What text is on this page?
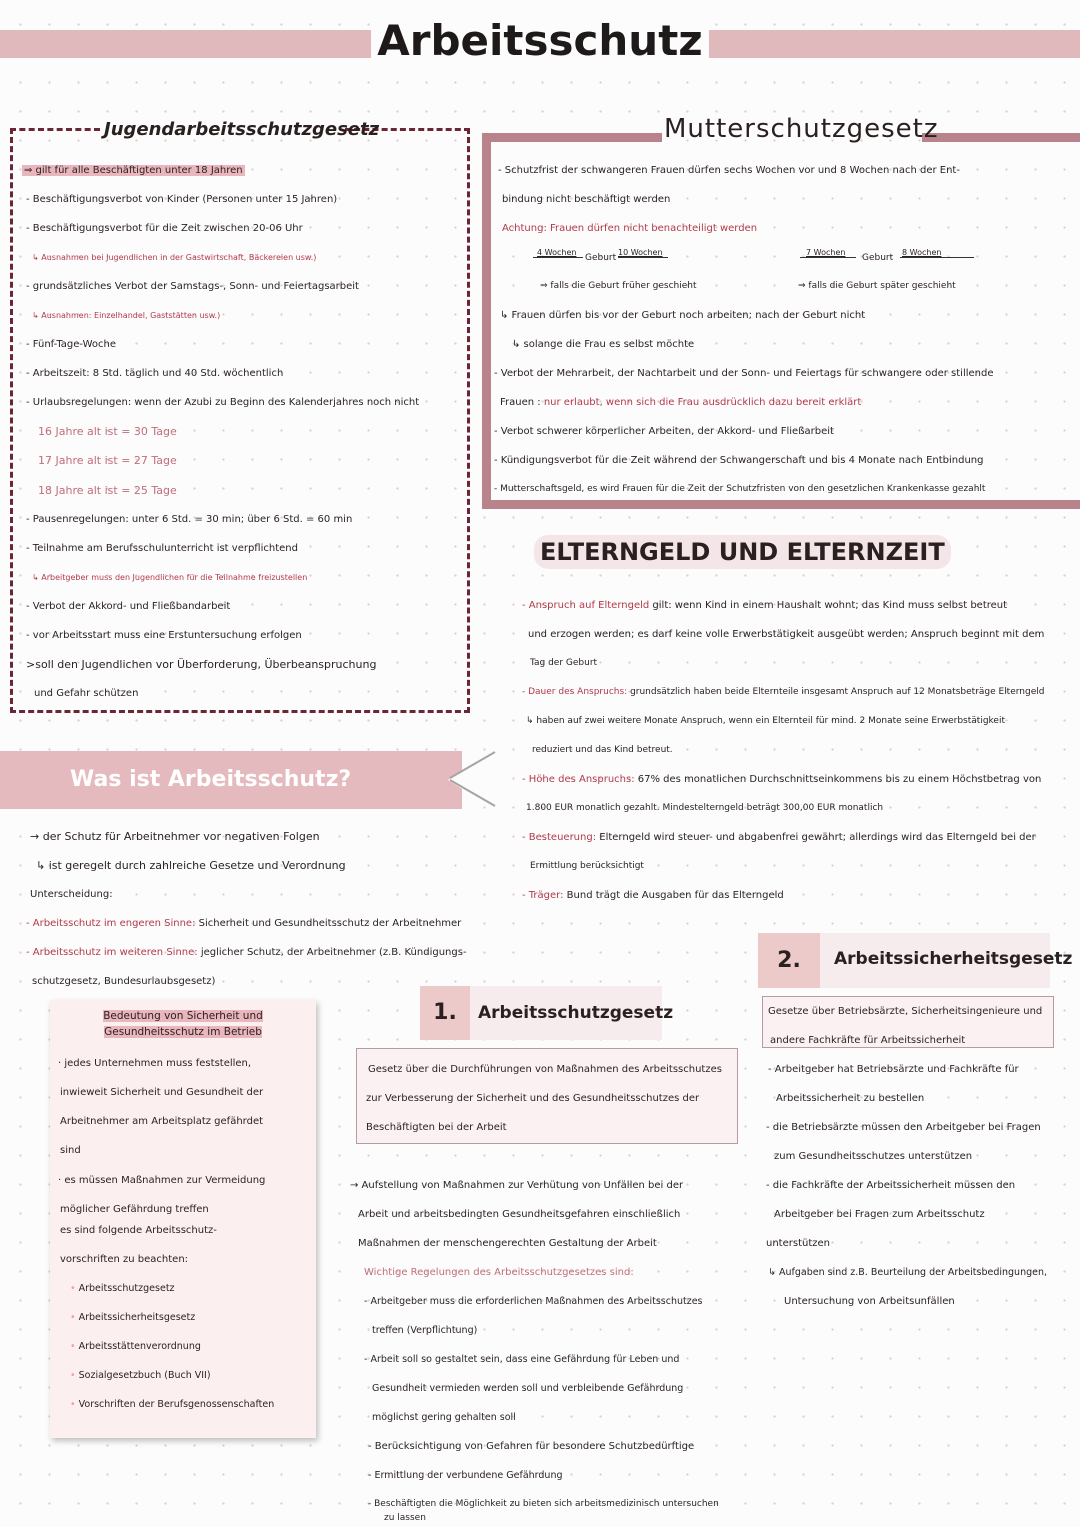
Arbeitsschutz
Jugendarbeitsschutzgesetz
⇒ gilt für alle Beschäftigten unter 18 Jahren
- Beschäftigungsverbot von Kinder (Personen unter 15 Jahren)
- Beschäftigungsverbot für die Zeit zwischen 20-06 Uhr
↳ Ausnahmen bei Jugendlichen in der Gastwirtschaft, Bäckereien usw.)
- grundsätzliches Verbot der Samstags-, Sonn- und Feiertagsarbeit
↳ Ausnahmen: Einzelhandel, Gaststätten usw.)
- Fünf-Tage-Woche
- Arbeitszeit: 8 Std. täglich und 40 Std. wöchentlich
- Urlaubsregelungen: wenn der Azubi zu Beginn des Kalenderjahres noch nicht
16 Jahre alt ist = 30 Tage
17 Jahre alt ist = 27 Tage
18 Jahre alt ist = 25 Tage
- Pausenregelungen: unter 6 Std. = 30 min; über 6 Std. = 60 min
- Teilnahme am Berufsschulunterricht ist verpflichtend
↳ Arbeitgeber muss den Jugendlichen für die Teilnahme freizustellen
- Verbot der Akkord- und Fließbandarbeit
- vor Arbeitsstart muss eine Erstuntersuchung erfolgen
>soll den Jugendlichen vor Überforderung, Überbeanspruchung
und Gefahr schützen
Mutterschutzgesetz
- Schutzfrist der schwangeren Frauen dürfen sechs Wochen vor und 8 Wochen nach der Ent-
bindung nicht beschäftigt werden
Achtung: Frauen dürfen nicht benachteiligt werden
4 Wochen
Geburt
10 Wochen
⇒ falls die Geburt früher geschieht
7 Wochen
Geburt
8 Wochen
⇒ falls die Geburt später geschieht
↳ Frauen dürfen bis vor der Geburt noch arbeiten; nach der Geburt nicht
↳ solange die Frau es selbst möchte
- Verbot der Mehrarbeit, der Nachtarbeit und der Sonn- und Feiertags für schwangere oder stillende
Frauen : nur erlaubt, wenn sich die Frau ausdrücklich dazu bereit erklärt
- Verbot schwerer körperlicher Arbeiten, der Akkord- und Fließarbeit
- Kündigungsverbot für die Zeit während der Schwangerschaft und bis 4 Monate nach Entbindung
- Mutterschaftsgeld, es wird Frauen für die Zeit der Schutzfristen von den gesetzlichen Krankenkasse gezahlt
ELTERNGELD UND ELTERNZEIT
- Anspruch auf Elterngeld gilt: wenn Kind in einem Haushalt wohnt; das Kind muss selbst betreut
und erzogen werden; es darf keine volle Erwerbstätigkeit ausgeübt werden; Anspruch beginnt mit dem
Tag der Geburt
- Dauer des Anspruchs: grundsätzlich haben beide Elternteile insgesamt Anspruch auf 12 Monatsbeträge Elterngeld
↳ haben auf zwei weitere Monate Anspruch, wenn ein Elternteil für mind. 2 Monate seine Erwerbstätigkeit
reduziert und das Kind betreut.
- Höhe des Anspruchs: 67% des monatlichen Durchschnittseinkommens bis zu einem Höchstbetrag von
1.800 EUR monatlich gezahlt. Mindestelterngeld beträgt 300,00 EUR monatlich
- Besteuerung: Elterngeld wird steuer- und abgabenfrei gewährt; allerdings wird das Elterngeld bei der
Ermittlung berücksichtigt
- Träger: Bund trägt die Ausgaben für das Elterngeld
Was ist Arbeitsschutz?
→ der Schutz für Arbeitnehmer vor negativen Folgen
↳ ist geregelt durch zahlreiche Gesetze und Verordnung
Unterscheidung:
- Arbeitsschutz im engeren Sinne: Sicherheit und Gesundheitsschutz der Arbeitnehmer
- Arbeitsschutz im weiteren Sinne: jeglicher Schutz, der Arbeitnehmer (z.B. Kündigungs-
schutzgesetz, Bundesurlaubsgesetz)
Bedeutung von Sicherheit und
Gesundheitsschutz im Betrieb
· jedes Unternehmen muss feststellen,
inwieweit Sicherheit und Gesundheit der
Arbeitnehmer am Arbeitsplatz gefährdet
sind
· es müssen Maßnahmen zur Vermeidung
möglicher Gefährdung treffen
es sind folgende Arbeitsschutz-
vorschriften zu beachten:
• Arbeitsschutzgesetz
• Arbeitssicherheitsgesetz
• Arbeitsstättenverordnung
• Sozialgesetzbuch (Buch VII)
• Vorschriften der Berufsgenossenschaften
1.	Arbeitsschutzgesetz
Gesetz über die Durchführungen von Maßnahmen des Arbeitsschutzes
zur Verbesserung der Sicherheit und des Gesundheitsschutzes der
Beschäftigten bei der Arbeit
→ Aufstellung von Maßnahmen zur Verhütung von Unfällen bei der
Arbeit und arbeitsbedingten Gesundheitsgefahren einschließlich
Maßnahmen der menschengerechten Gestaltung der Arbeit
Wichtige Regelungen des Arbeitsschutzgesetzes sind:
- Arbeitgeber muss die erforderlichen Maßnahmen des Arbeitsschutzes
treffen (Verpflichtung)
- Arbeit soll so gestaltet sein, dass eine Gefährdung für Leben und
Gesundheit vermieden werden soll und verbleibende Gefährdung
möglichst gering gehalten soll
- Berücksichtigung von Gefahren für besondere Schutzbedürftige
- Ermittlung der verbundene Gefährdung
- Beschäftigten die Möglichkeit zu bieten sich arbeitsmedizinisch untersuchen
zu lassen
2.	Arbeitssicherheitsgesetz
Gesetze über Betriebsärzte, Sicherheitsingenieure und
andere Fachkräfte für Arbeitssicherheit
- Arbeitgeber hat Betriebsärzte und Fachkräfte für
Arbeitssicherheit zu bestellen
- die Betriebsärzte müssen den Arbeitgeber bei Fragen
zum Gesundheitsschutzes unterstützen
- die Fachkräfte der Arbeitssicherheit müssen den
Arbeitgeber bei Fragen zum Arbeitsschutz
unterstützen
↳ Aufgaben sind z.B. Beurteilung der Arbeitsbedingungen,
Untersuchung von Arbeitsunfällen
